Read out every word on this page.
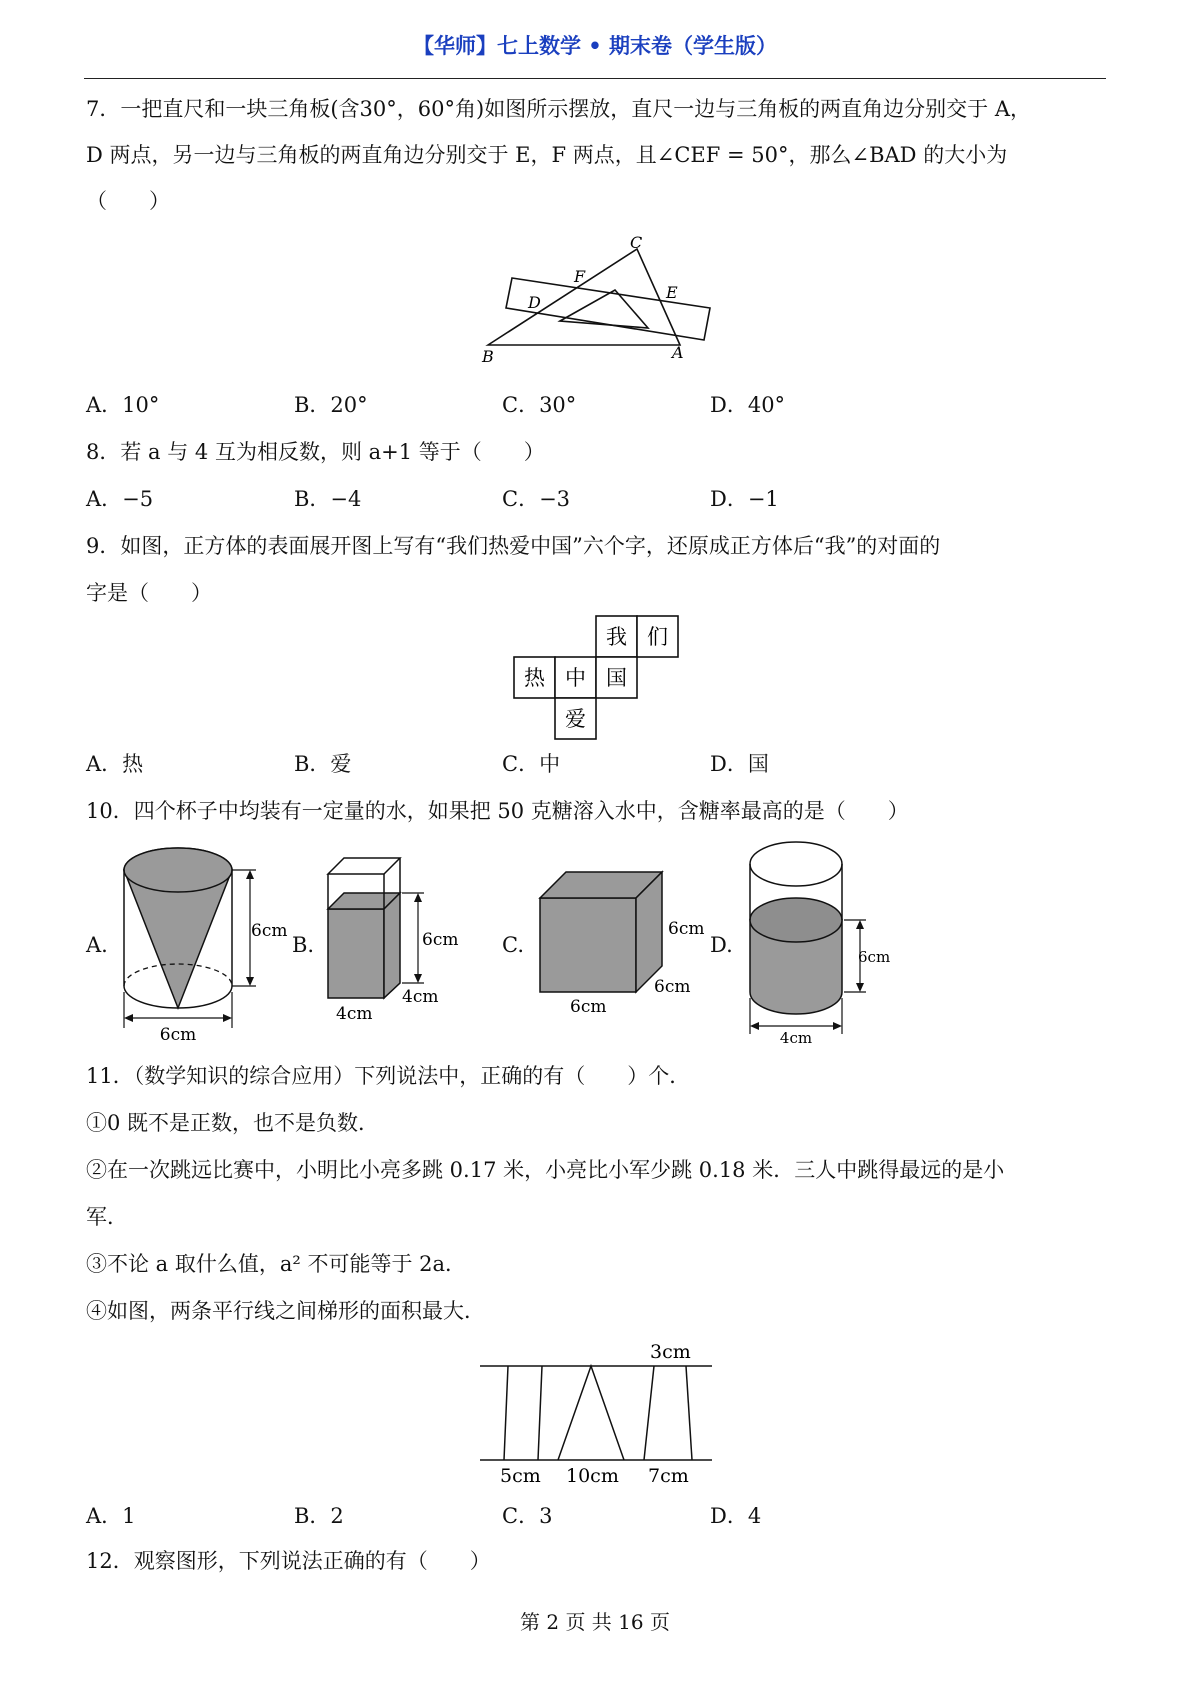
【华师】七上数学 • 期末卷（学生版）
7．一把直尺和一块三角板(含30°，60°角)如图所示摆放，直尺一边与三角板的两直角边分别交于 A，
D 两点，另一边与三角板的两直角边分别交于 E，F 两点，且∠CEF = 50°，那么∠BAD 的大小为
（　　）
C
F
E
D
B	A
A．10°	B．20°	C．30°	D．40°
8．若 a 与 4 互为相反数，则 a+1 等于（　　）
A．−5	B．−4	C．−3	D．−1
9．如图，正方体的表面展开图上写有“我们热爱中国”六个字，还原成正方体后“我”的对面的
字是（　　）
我 们
热 中 国
爱
A．热	B．爱	C．中	D．国
10．四个杯子中均装有一定量的水，如果把 50 克糖溶入水中，含糖率最高的是（　　）
A.	B.	C.	D.
6cm
6cm
6cm
4cm
4cm
6cm
6cm
6cm
6cm
4cm
11．（数学知识的综合应用）下列说法中，正确的有（　　）个．
①0 既不是正数，也不是负数．
②在一次跳远比赛中，小明比小亮多跳 0.17 米，小亮比小军少跳 0.18 米．三人中跳得最远的是小
军．
③不论 a 取什么值，a² 不可能等于 2a．
④如图，两条平行线之间梯形的面积最大．
3cm
5cm 10cm 7cm
A．1	B．2	C．3	D．4
12．观察图形，下列说法正确的有（　　）
第 2 页 共 16 页
